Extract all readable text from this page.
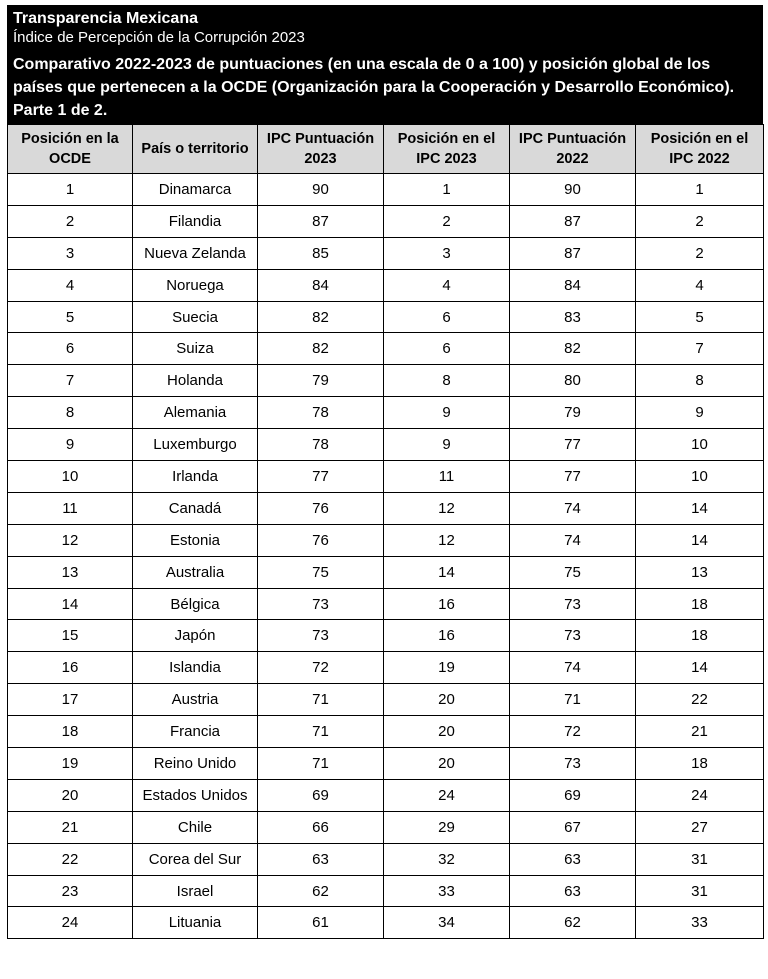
Transparencia Mexicana
Índice de Percepción de la Corrupción 2023
Comparativo 2022-2023 de puntuaciones (en una escala de 0 a 100) y posición global de los países que pertenecen a la OCDE (Organización para la Cooperación y Desarrollo Económico). Parte 1 de 2.
Posición en la OCDE	País o territorio	IPC Puntuación 2023	Posición en el IPC 2023	IPC Puntuación 2022	Posición en el IPC 2022
1	Dinamarca	90	1	90	1
2	Filandia	87	2	87	2
3	Nueva Zelanda	85	3	87	2
4	Noruega	84	4	84	4
5	Suecia	82	6	83	5
6	Suiza	82	6	82	7
7	Holanda	79	8	80	8
8	Alemania	78	9	79	9
9	Luxemburgo	78	9	77	10
10	Irlanda	77	11	77	10
11	Canadá	76	12	74	14
12	Estonia	76	12	74	14
13	Australia	75	14	75	13
14	Bélgica	73	16	73	18
15	Japón	73	16	73	18
16	Islandia	72	19	74	14
17	Austria	71	20	71	22
18	Francia	71	20	72	21
19	Reino Unido	71	20	73	18
20	Estados Unidos	69	24	69	24
21	Chile	66	29	67	27
22	Corea del Sur	63	32	63	31
23	Israel	62	33	63	31
24	Lituania	61	34	62	33
